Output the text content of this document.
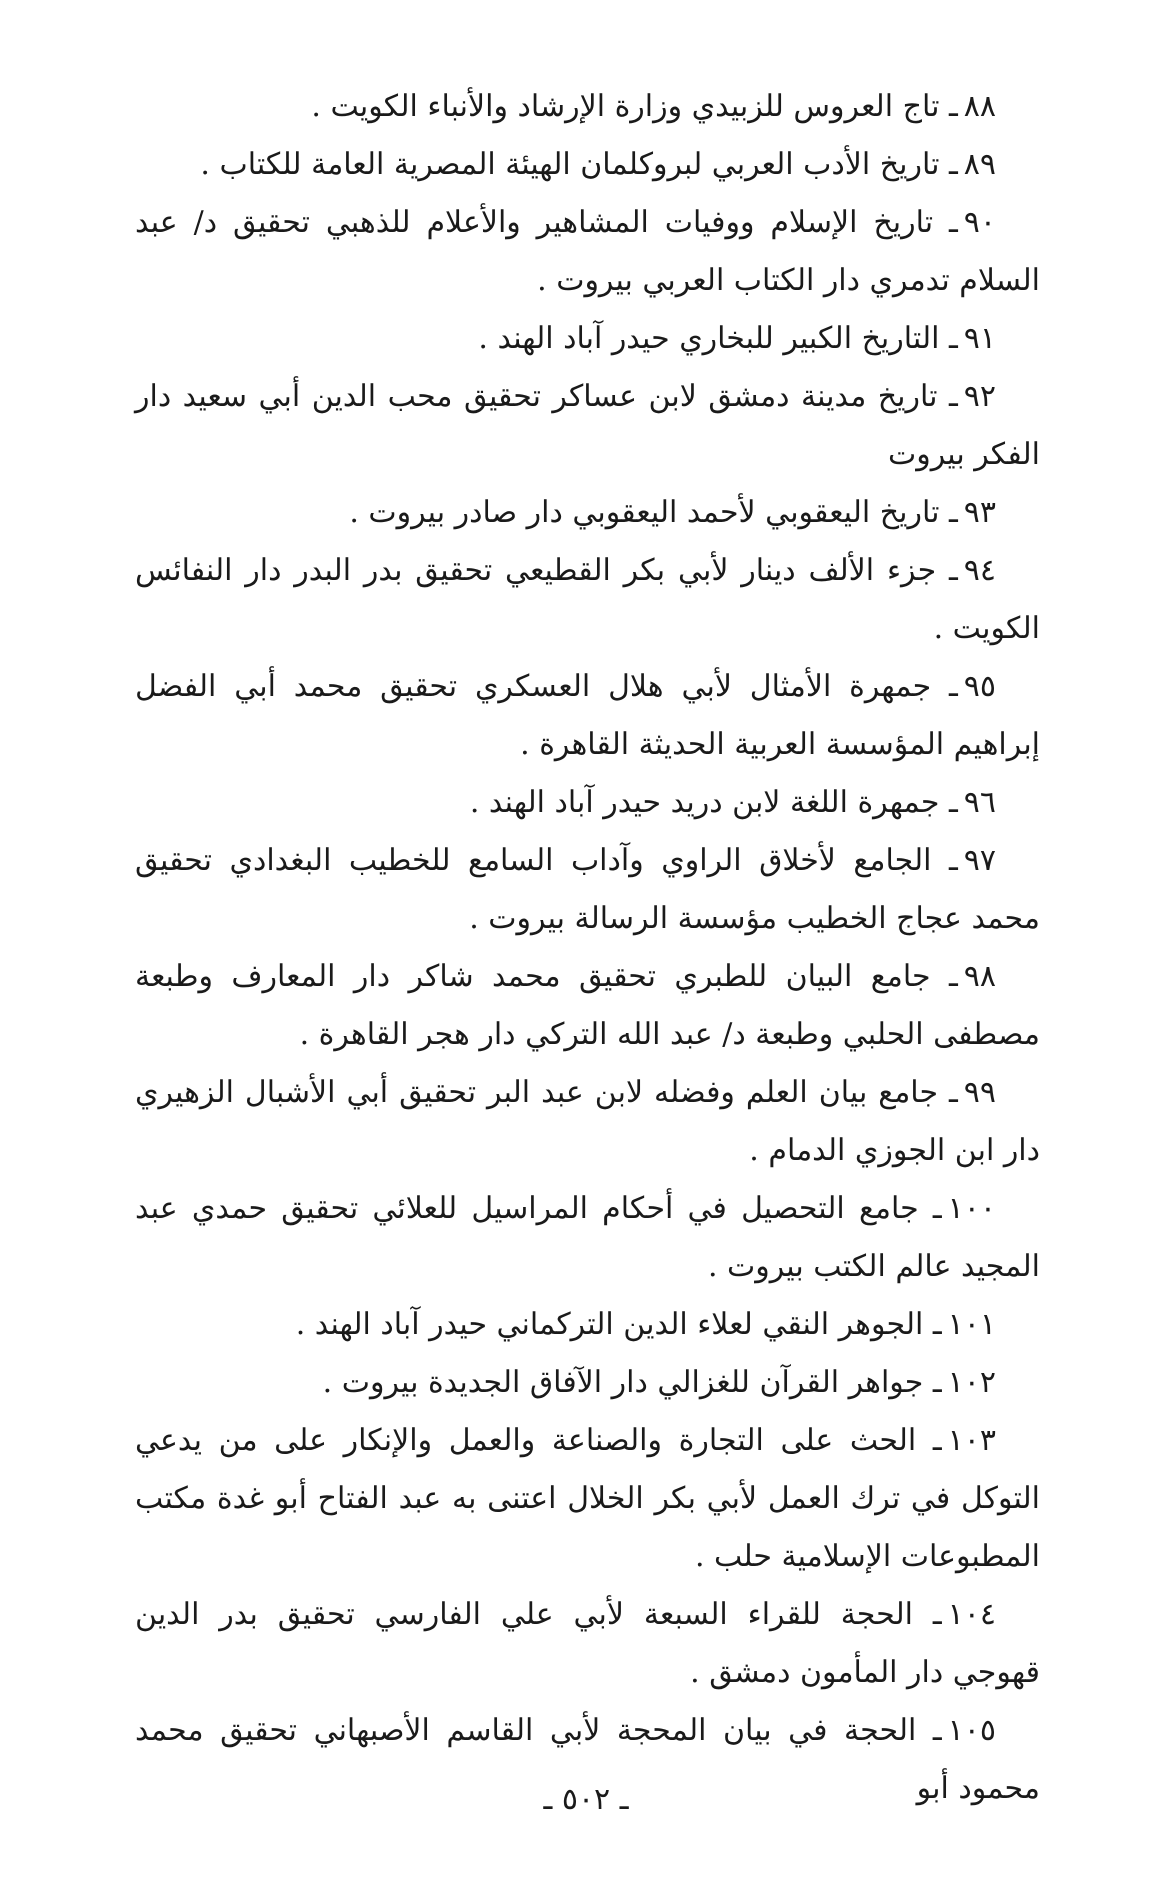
٨٨ـ تاج العروس للزبيدي وزارة الإرشاد والأنباء الكويت .

٨٩ـ تاريخ الأدب العربي لبروكلمان الهيئة المصرية العامة للكتاب .

٩٠ـ تاريخ الإسلام ووفيات المشاهير والأعلام للذهبي تحقيق د/ عبد السلام تدمري دار الكتاب العربي بيروت .

٩١ـ التاريخ الكبير للبخاري حيدر آباد الهند .

٩٢ـ تاريخ مدينة دمشق لابن عساكر تحقيق محب الدين أبي سعيد دار الفكر بيروت

٩٣ـ تاريخ اليعقوبي لأحمد اليعقوبي دار صادر بيروت .

٩٤ـ جزء الألف دينار لأبي بكر القطيعي تحقيق بدر البدر دار النفائس الكويت .

٩٥ـ جمهرة الأمثال لأبي هلال العسكري تحقيق محمد أبي الفضل إبراهيم المؤسسة العربية الحديثة القاهرة .

٩٦ـ جمهرة اللغة لابن دريد حيدر آباد الهند .

٩٧ـ الجامع لأخلاق الراوي وآداب السامع للخطيب البغدادي تحقيق محمد عجاج الخطيب مؤسسة الرسالة بيروت .

٩٨ـ جامع البيان للطبري تحقيق محمد شاكر دار المعارف وطبعة مصطفى الحلبي وطبعة د/ عبد الله التركي دار هجر القاهرة .

٩٩ـ جامع بيان العلم وفضله لابن عبد البر تحقيق أبي الأشبال الزهيري دار ابن الجوزي الدمام .

١٠٠ـ جامع التحصيل في أحكام المراسيل للعلائي تحقيق حمدي عبد المجيد عالم الكتب بيروت .

١٠١ـ الجوهر النقي لعلاء الدين التركماني حيدر آباد الهند .

١٠٢ـ جواهر القرآن للغزالي دار الآفاق الجديدة بيروت .

١٠٣ـ الحث على التجارة والصناعة والعمل والإنكار على من يدعي التوكل في ترك العمل لأبي بكر الخلال اعتنى به عبد الفتاح أبو غدة مكتب المطبوعات الإسلامية حلب .

١٠٤ـ الحجة للقراء السبعة لأبي علي الفارسي تحقيق بدر الدين قهوجي دار المأمون دمشق .

١٠٥ـ الحجة في بيان المحجة لأبي القاسم الأصبهاني تحقيق محمد محمود أبو

ـ ٥٠٢ ـ
